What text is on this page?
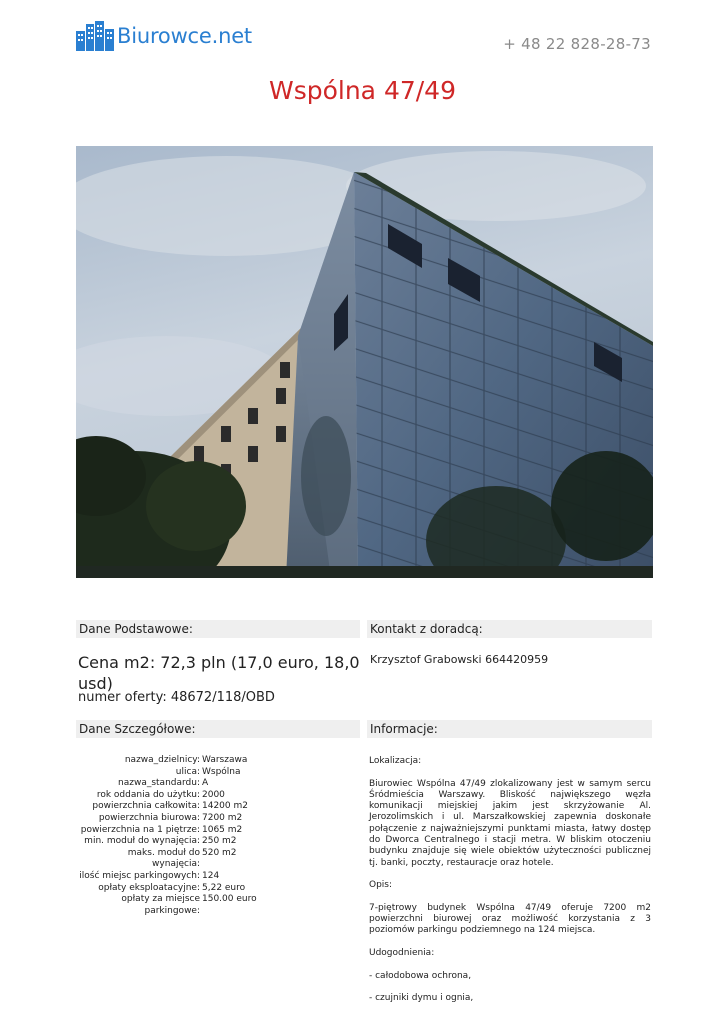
Biurowce.net	+ 48 22 828-28-73
Wspólna 47/49
Dane Podstawowe:	Kontakt z doradcą:
Cena m2: 72,3 pln (17,0 euro, 18,0 usd)
numer oferty: 48672/118/OBD
Krzysztof Grabowski 664420959
Dane Szczegółowe:	Informacje:
nazwa_dzielnicy: Warszawa
ulica: Wspólna
nazwa_standardu: A
rok oddania do użytku: 2000
powierzchnia całkowita: 14200 m2
powierzchnia biurowa: 7200 m2
powierzchnia na 1 piętrze: 1065 m2
min. moduł do wynajęcia: 250 m2
maks. moduł do wynajęcia:
520 m2
ilość miejsc parkingowych: 124
opłaty eksploatacyjne: 5,22 euro
opłaty za miejsce parkingowe:
150.00 euro

Lokalizacja:

Biurowiec Wspólna 47/49 zlokalizowany jest w samym sercu Śródmieścia Warszawy. Bliskość największego węzła komunikacji miejskiej jakim jest skrzyżowanie Al. Jerozolimskich i ul. Marszałkowskiej zapewnia doskonałe połączenie z najważniejszymi punktami miasta, łatwy dostęp do Dworca Centralnego i stacji metra. W bliskim otoczeniu budynku znajduje się wiele obiektów użyteczności publicznej tj. banki, poczty, restauracje oraz hotele.

Opis:

7-piętrowy budynek Wspólna 47/49 oferuje 7200 m2 powierzchni biurowej oraz możliwość korzystania z 3 poziomów parkingu podziemnego na 124 miejsca.

Udogodnienia:

- całodobowa ochrona,

- czujniki dymu i ognia,
